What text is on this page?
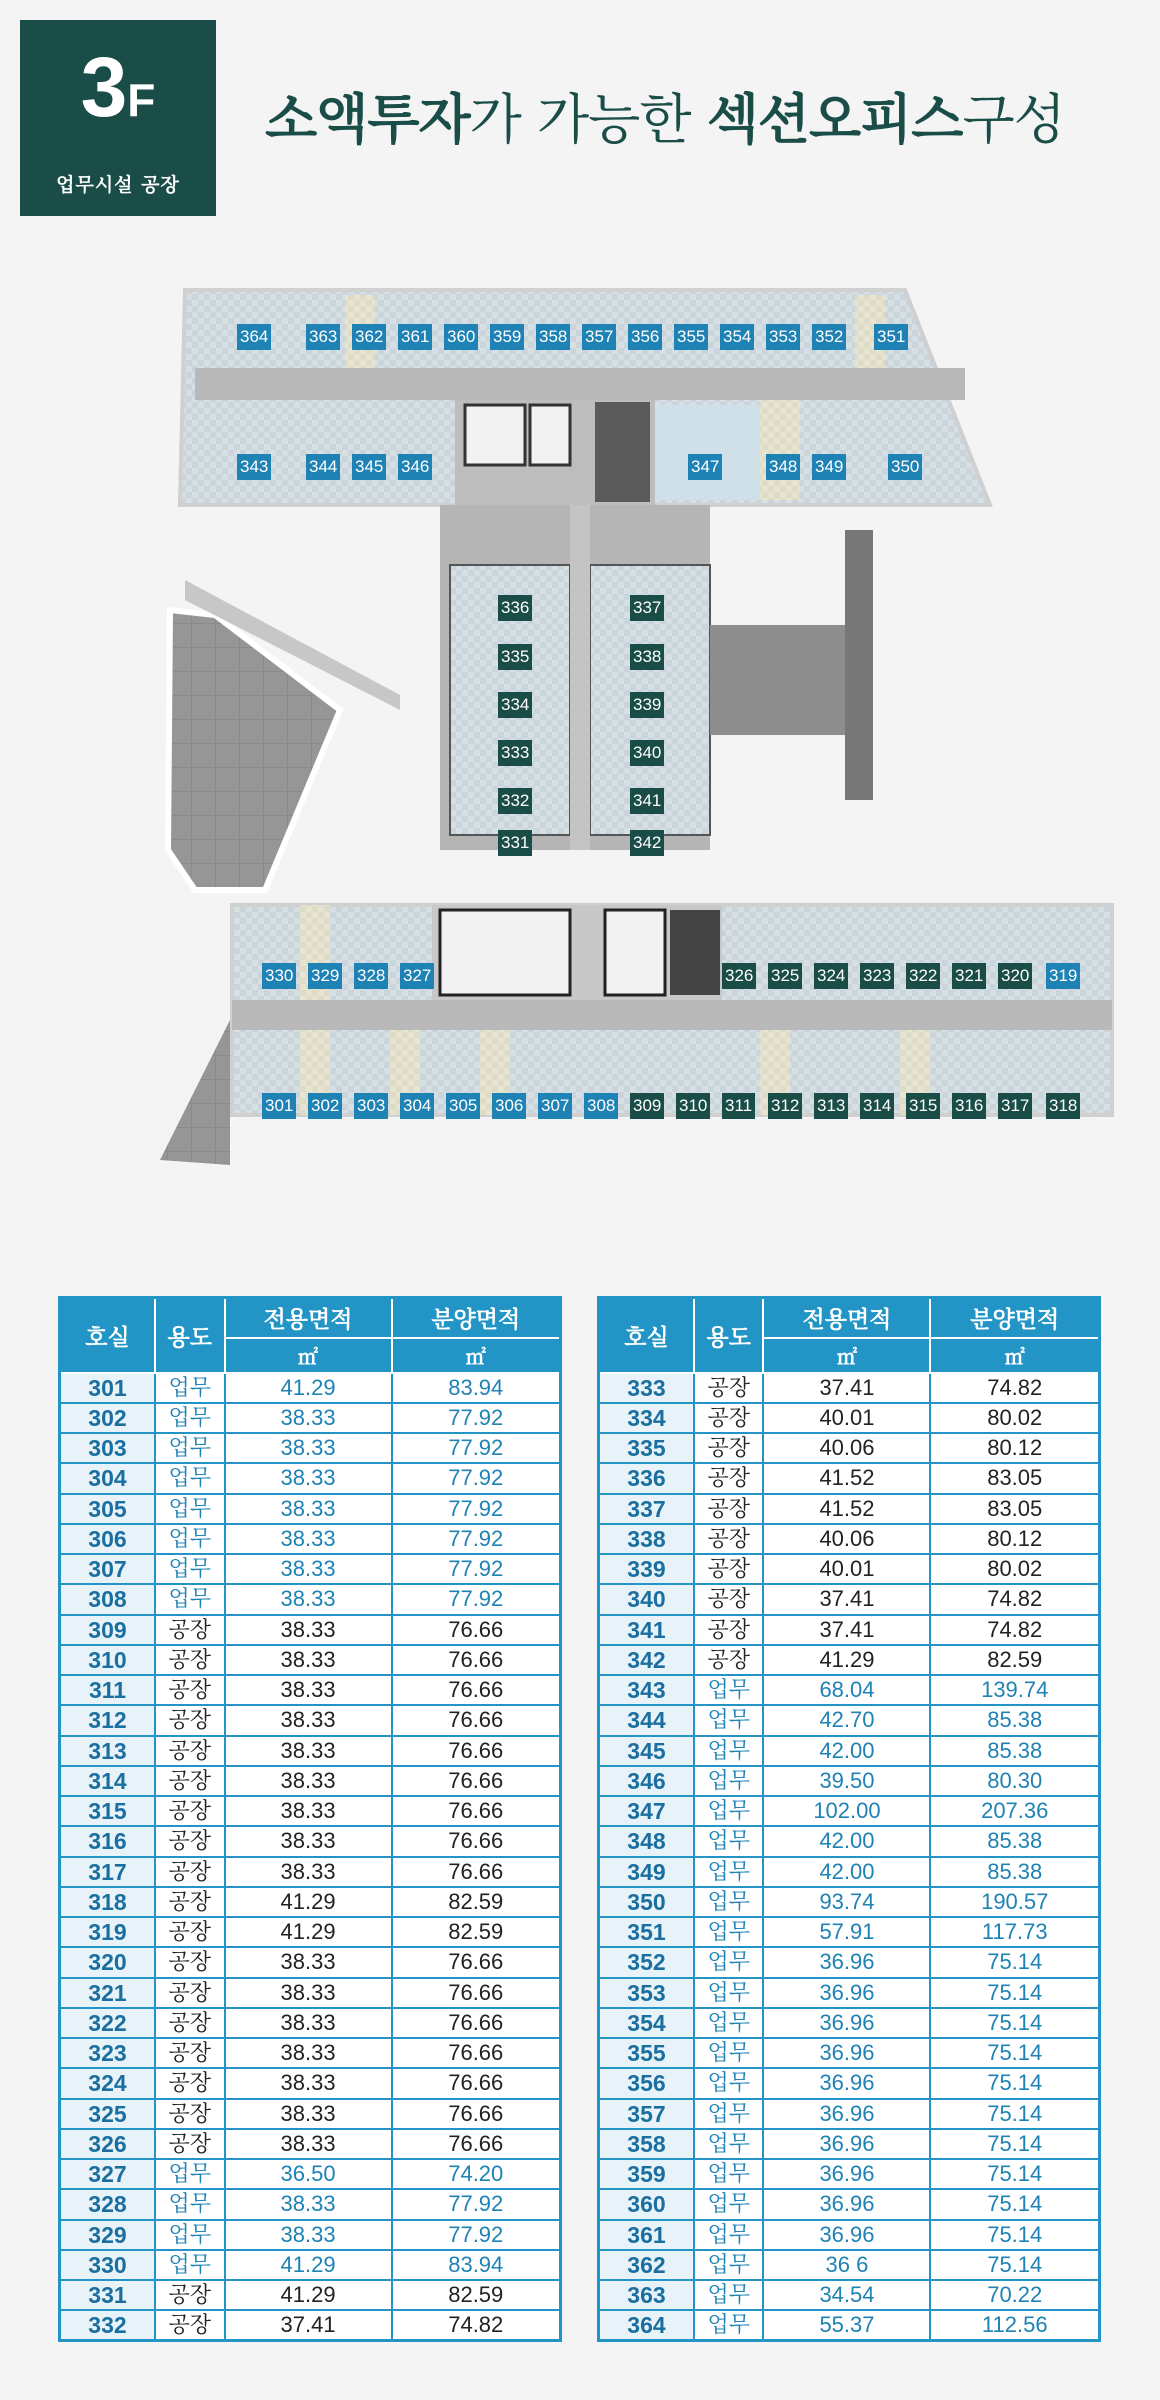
3F
업무시설 공장
소액투자가 가능한 섹션오피스구성
364 363 362 361 360 359 358 357 356 355 354 353 352 351
343 344 345 346	347	348 349	350
336
335
334
333
332
331
337
338
339
340
341
342
330 329 328 327	326 325 324 323 322 321 320 319
301 302 303 304 305 306 307 308 309 310 311 312 313 314 315 316 317 318
호실	용도	전용면적	분양면적
		㎡	㎡
301	업무	41.29	83.94
302	업무	38.33	77.92
303	업무	38.33	77.92
304	업무	38.33	77.92
305	업무	38.33	77.92
306	업무	38.33	77.92
307	업무	38.33	77.92
308	업무	38.33	77.92
309	공장	38.33	76.66
310	공장	38.33	76.66
311	공장	38.33	76.66
312	공장	38.33	76.66
313	공장	38.33	76.66
314	공장	38.33	76.66
315	공장	38.33	76.66
316	공장	38.33	76.66
317	공장	38.33	76.66
318	공장	41.29	82.59
319	공장	41.29	82.59
320	공장	38.33	76.66
321	공장	38.33	76.66
322	공장	38.33	76.66
323	공장	38.33	76.66
324	공장	38.33	76.66
325	공장	38.33	76.66
326	공장	38.33	76.66
327	업무	36.50	74.20
328	업무	38.33	77.92
329	업무	38.33	77.92
330	업무	41.29	83.94
331	공장	41.29	82.59
332	공장	37.41	74.82
호실	용도	전용면적	분양면적
		㎡	㎡
333	공장	37.41	74.82
334	공장	40.01	80.02
335	공장	40.06	80.12
336	공장	41.52	83.05
337	공장	41.52	83.05
338	공장	40.06	80.12
339	공장	40.01	80.02
340	공장	37.41	74.82
341	공장	37.41	74.82
342	공장	41.29	82.59
343	업무	68.04	139.74
344	업무	42.70	85.38
345	업무	42.00	85.38
346	업무	39.50	80.30
347	업무	102.00	207.36
348	업무	42.00	85.38
349	업무	42.00	85.38
350	업무	93.74	190.57
351	업무	57.91	117.73
352	업무	36.96	75.14
353	업무	36.96	75.14
354	업무	36.96	75.14
355	업무	36.96	75.14
356	업무	36.96	75.14
357	업무	36.96	75.14
358	업무	36.96	75.14
359	업무	36.96	75.14
360	업무	36.96	75.14
361	업무	36.96	75.14
362	업무	36 6	75.14
363	업무	34.54	70.22
364	업무	55.37	112.56
